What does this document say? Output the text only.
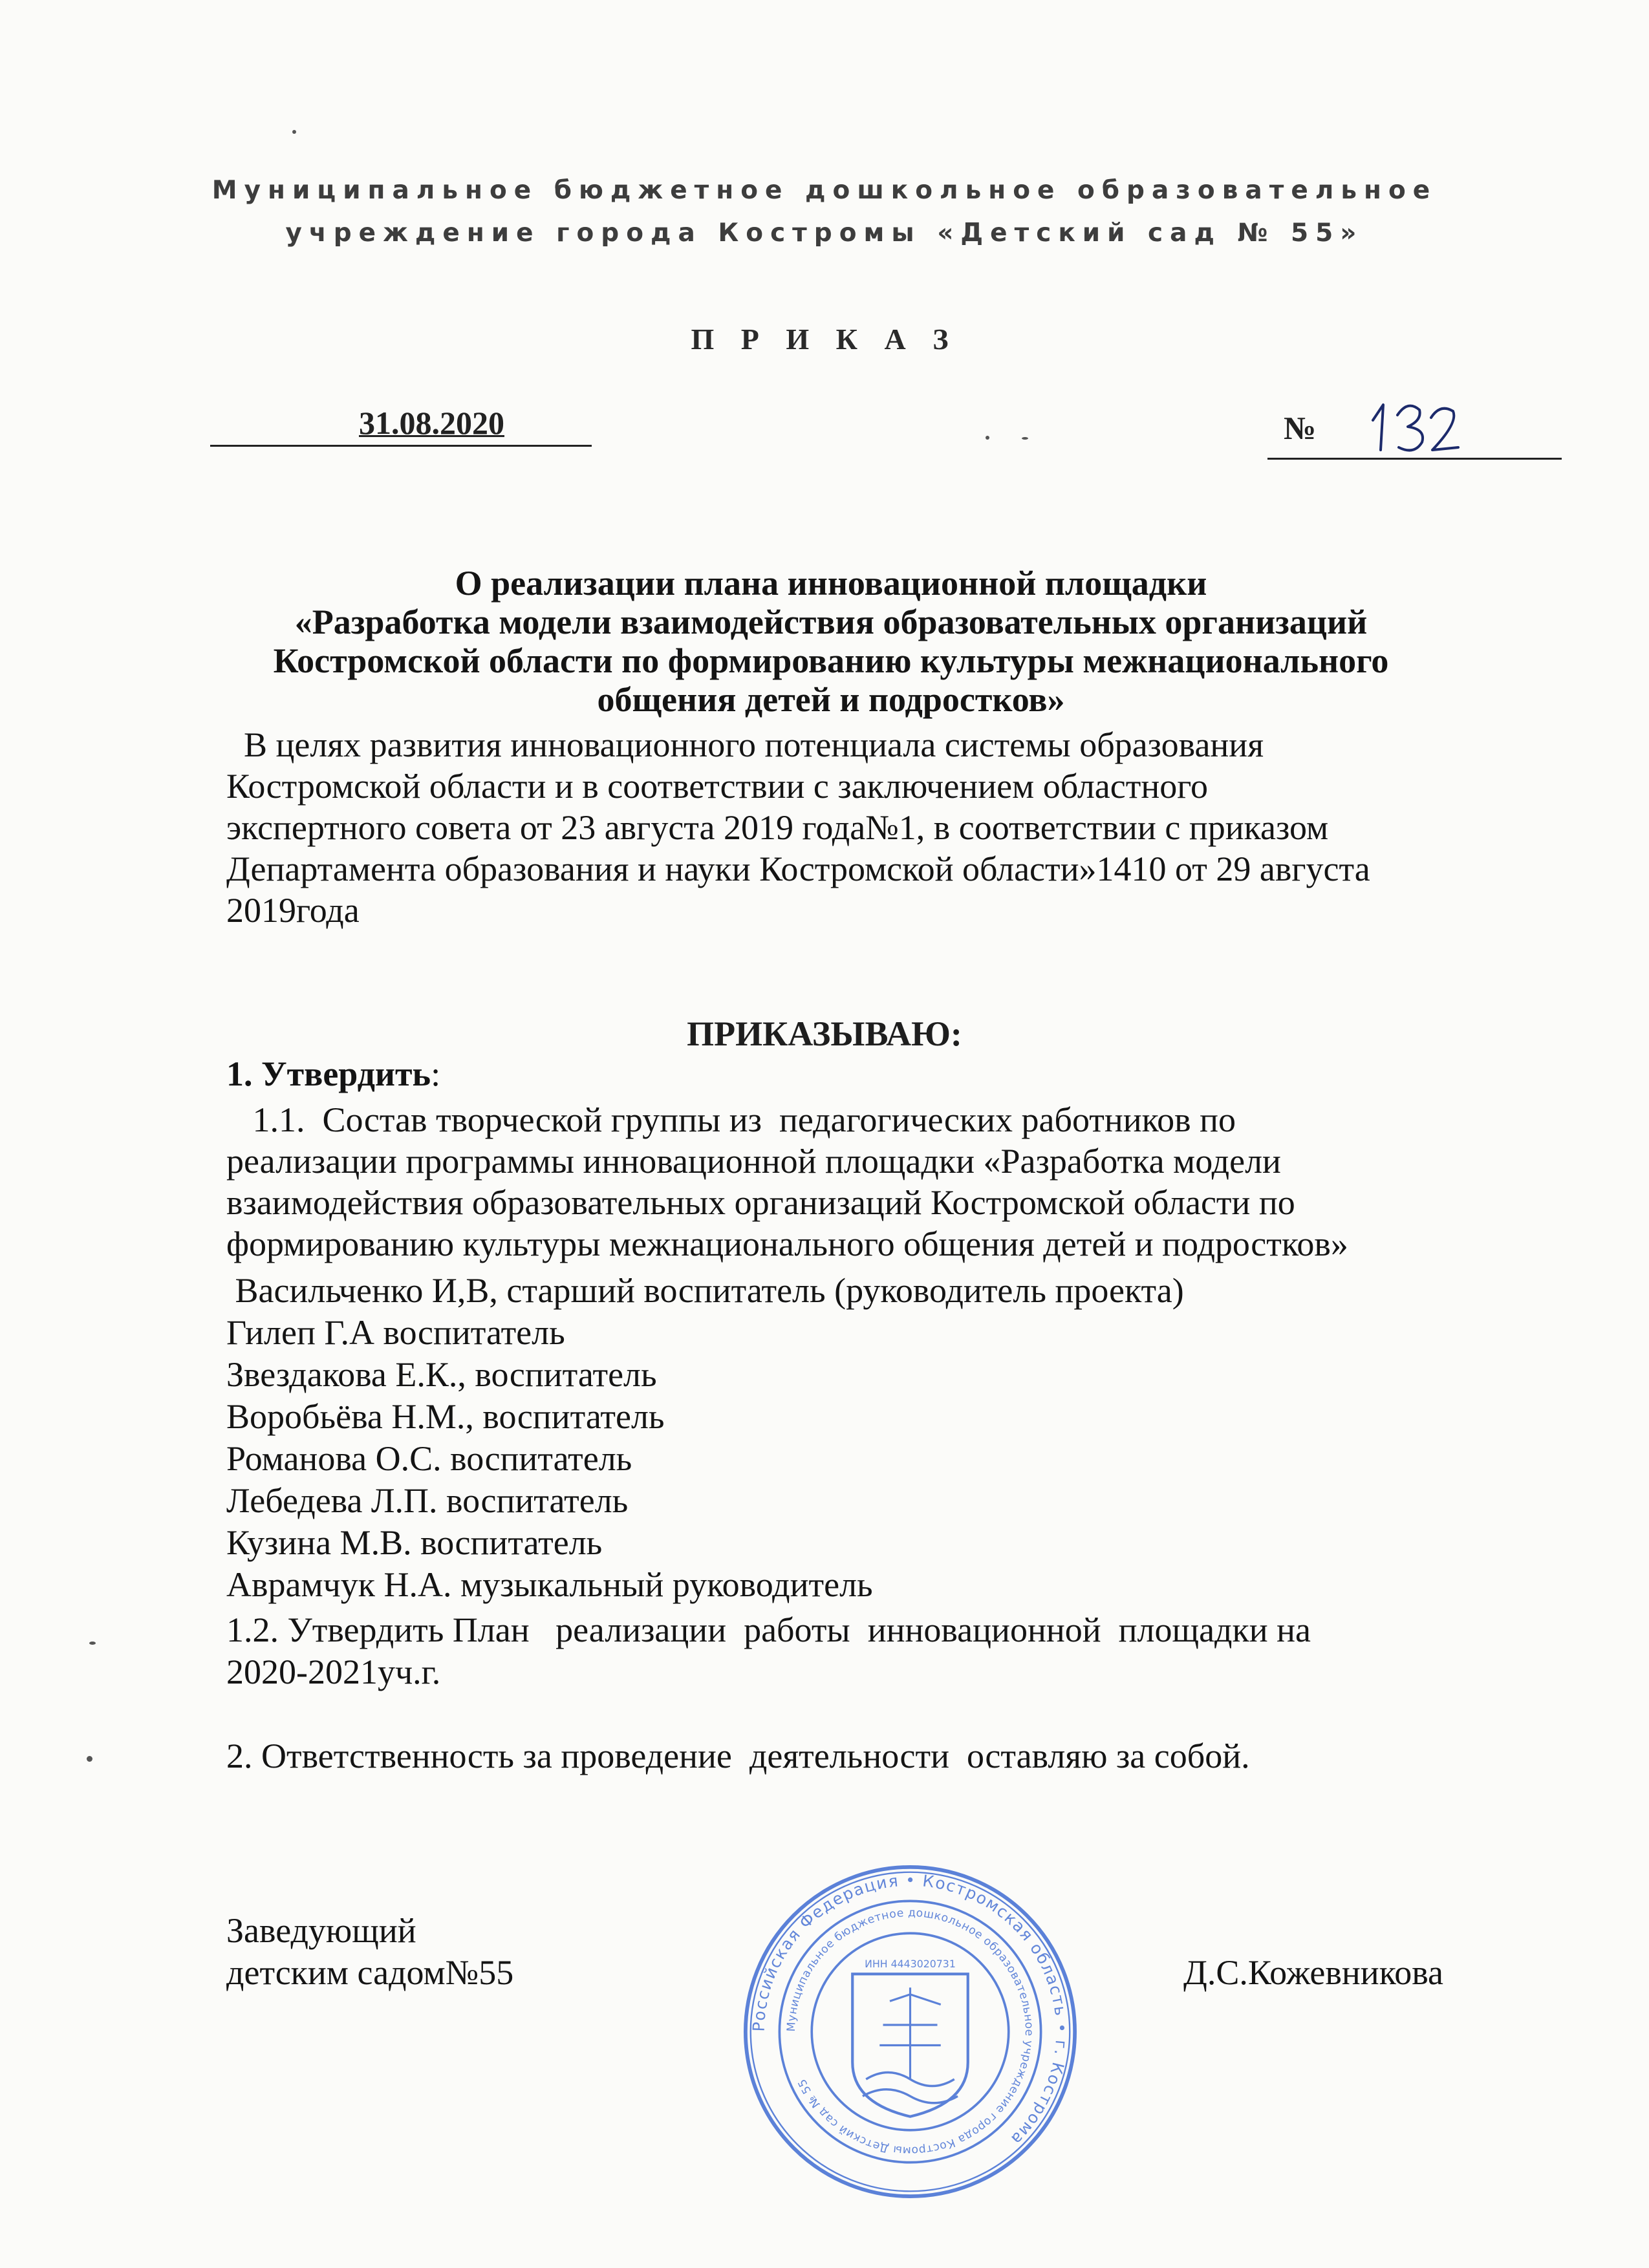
Муниципальное бюджетное дошкольное образовательное
учреждение города Костромы «Детский сад № 55»
П Р И К А З
31.08.2020	№
О реализации плана инновационной площадки
«Разработка модели взаимодействия образовательных организаций
Костромской области по формированию культуры межнационального
общения детей и подростков»
В целях развития инновационного потенциала системы образования
Костромской области и в соответствии с заключением областного
экспертного совета от 23 августа 2019 года№1, в соответствии с приказом
Департамента образования и науки Костромской области»1410 от 29 августа
2019года
ПРИКАЗЫВАЮ:
1. Утвердить:
1.1.  Состав творческой группы из  педагогических работников по
реализации программы инновационной площадки «Разработка модели
взаимодействия образовательных организаций Костромской области по
формированию культуры межнационального общения детей и подростков»
Васильченко И,В, старший воспитатель (руководитель проекта)
Гилеп Г.А воспитатель
Звездакова Е.К., воспитатель
Воробьёва Н.М., воспитатель
Романова О.С. воспитатель
Лебедева Л.П. воспитатель
Кузина М.В. воспитатель
Аврамчук Н.А. музыкальный руководитель
1.2. Утвердить План   реализации  работы  инновационной  площадки на
2020-2021уч.г.
2. Ответственность за проведение  деятельности  оставляю за собой.
Заведующий
детским садом№55	Д.С.Кожевникова
Российская Федерация • Костромская область • г. Кострома
Муниципальное бюджетное дошкольное образовательное учреждение города Костромы Детский сад № 55
ИНН 4443020731
